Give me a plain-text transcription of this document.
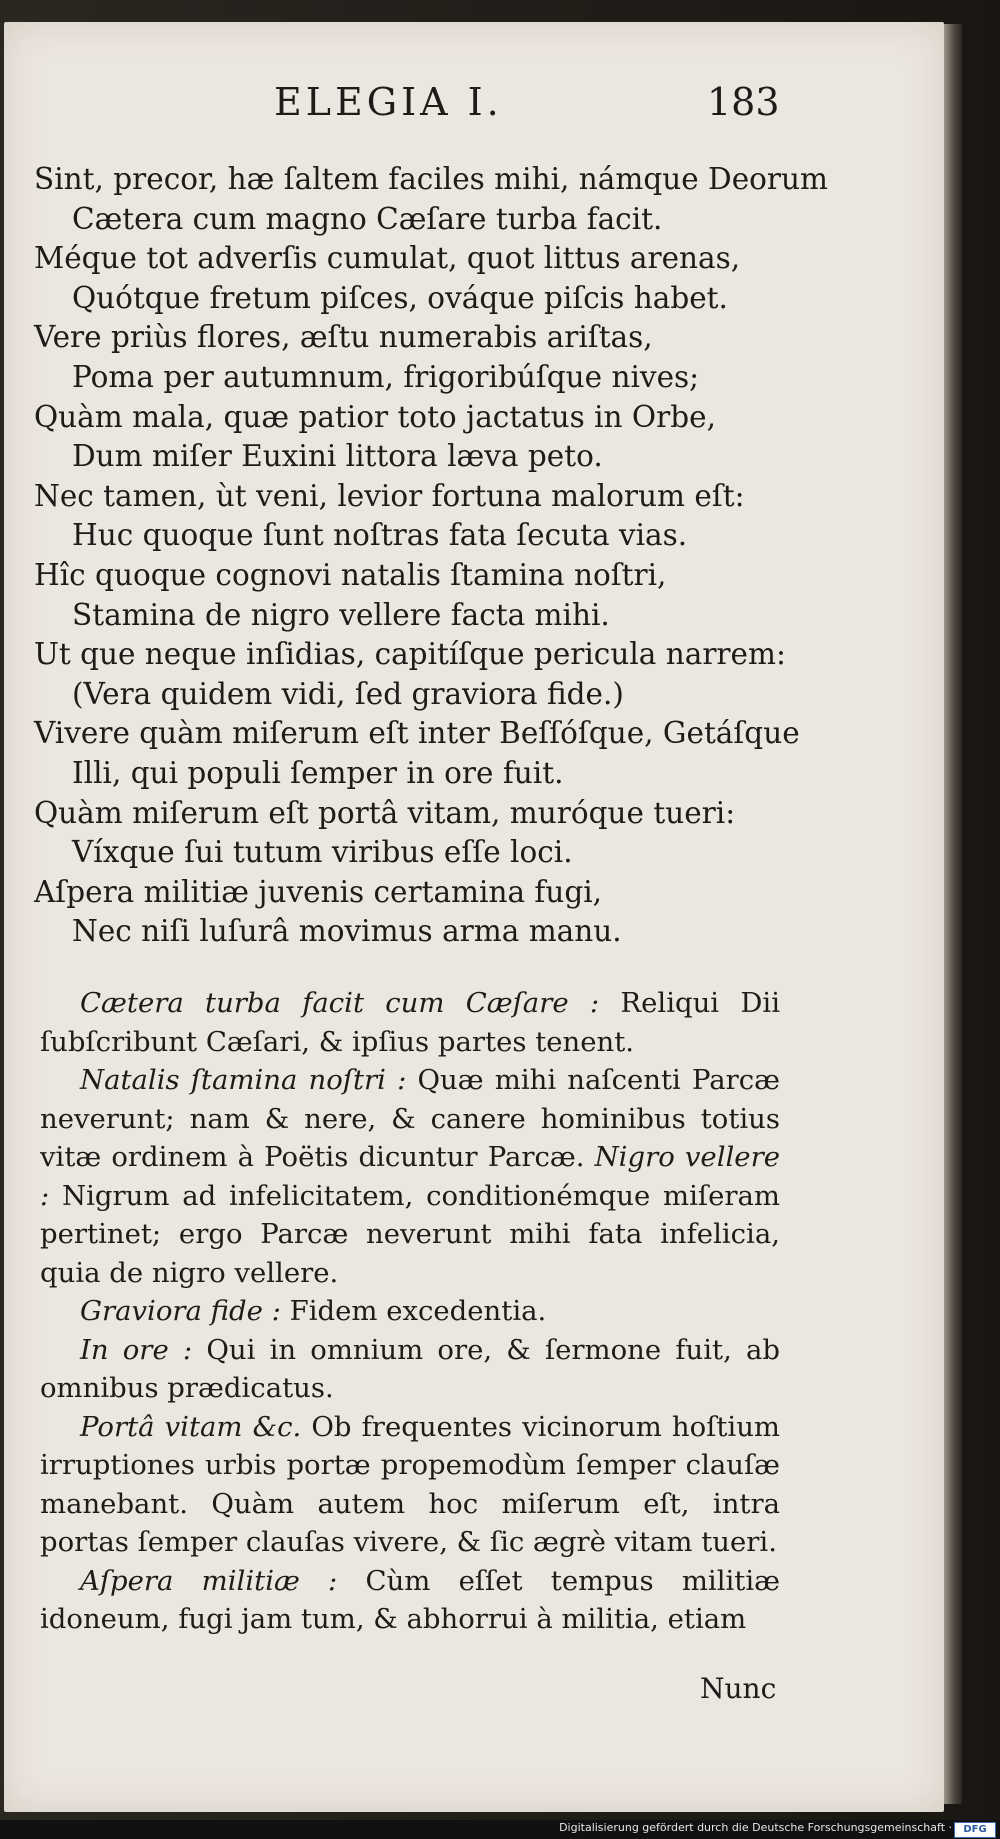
ELEGIA I.	183
Sint, precor, hæ ſaltem faciles mihi, námque Deorum
Cætera cum magno Cæſare turba facit.
Méque tot adverſis cumulat, quot littus arenas,
Quótque fretum piſces, ováque piſcis habet.
Vere priùs flores, æſtu numerabis ariſtas,
Poma per autumnum, frigoribúſque nives;
Quàm mala, quæ patior toto jactatus in Orbe,
Dum miſer Euxini littora læva peto.
Nec tamen, ùt veni, levior fortuna malorum eſt:
Huc quoque ſunt noſtras fata ſecuta vias.
Hîc quoque cognovi natalis ſtamina noſtri,
Stamina de nigro vellere facta mihi.
Ut que neque inſidias, capitíſque pericula narrem:
(Vera quidem vidi, ſed graviora fide.)
Vivere quàm miſerum eſt inter Beſſóſque, Getáſque
Illi, qui populi ſemper in ore fuit.
Quàm miſerum eſt portâ vitam, muróque tueri:
Víxque ſui tutum viribus eſſe loci.
Aſpera militiæ juvenis certamina fugi,
Nec niſi luſurâ movimus arma manu.
Cætera turba facit cum Cæſare : Reliqui Dii ſubſcribunt Cæſari, & ipſius partes tenent.
Natalis ſtamina noſtri : Quæ mihi naſcenti Parcæ neverunt; nam & nere, & canere hominibus totius vitæ ordinem à Poëtis dicuntur Parcæ. Nigro vellere : Nigrum ad infelicitatem, conditionémque miſeram pertinet; ergo Parcæ neverunt mihi fata infelicia, quia de nigro vellere.
Graviora fide : Fidem excedentia.
In ore : Qui in omnium ore, & ſermone fuit, ab omnibus prædicatus.
Portâ vitam &c. Ob frequentes vicinorum hoſtium irruptiones urbis portæ propemodùm ſemper clauſæ manebant. Quàm autem hoc miſerum eſt, intra portas ſemper clauſas vivere, & ſic ægrè vitam tueri.
Aſpera militiæ : Cùm eſſet tempus militiæ idoneum, fugi jam tum, & abhorrui à militia, etiam
Nunc
Digitalisierung gefördert durch die Deutsche Forschungsgemeinschaft ·	DFG
